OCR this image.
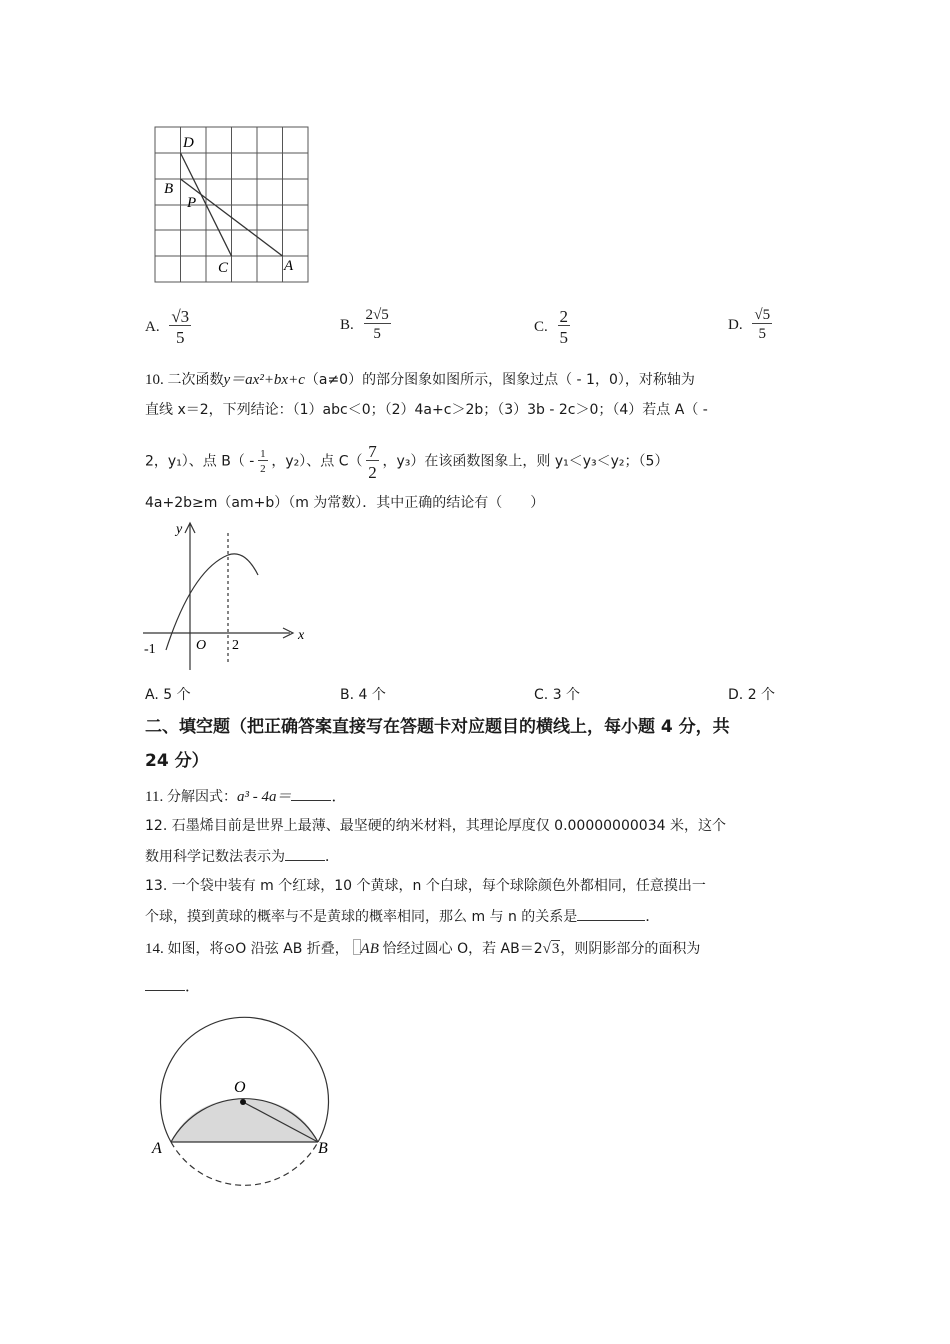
D
B
P
C	A
A. $\frac{√3}{5}$	B. $\frac{2√5}{5}$	C. $\frac{2}{5}$	D. $\frac{√5}{5}$
10. 二次函数y＝ax²+bx+c（a≠0）的部分图象如图所示，图象过点（ - 1，0），对称轴为
直线 x＝2，下列结论：（1）abc＜0；（2）4a+c＞2b；（3）3b - 2c＞0；（4）若点 A（ -
2，y₁）、点 $B( - \frac{1}{2}$ ，y₂）、点 $C( \frac{7}{2}$ ，y₃）在该函数图象上，则 y₁＜y₃＜y₂；（5）
4a+2b≥m（am+b）（m 为常数）．其中正确的结论有（　　）
y
x
O
-1	2
A. 5 个	B. 4 个	C. 3 个	D. 2 个
二、填空题（把正确答案直接写在答题卡对应题目的横线上，每小题 4 分，共
24 分）
11. 分解因式：a³ - 4a＝	．
12. 石墨烯目前是世界上最薄、最坚硬的纳米材料，其理论厚度仅 0.00000000034 米，这个
数用科学记数法表示为	．
13. 一个袋中装有 m 个红球，10 个黄球，n 个白球，每个球除颜色外都相同，任意摸出一
个球，摸到黄球的概率与不是黄球的概率相同，那么 m 与 n 的关系是	．
14. 如图，将⊙O 沿弦 AB 折叠， AB 恰经过圆心 O，若 AB＝2√3，则阴影部分的面积为
．
O
A	B
